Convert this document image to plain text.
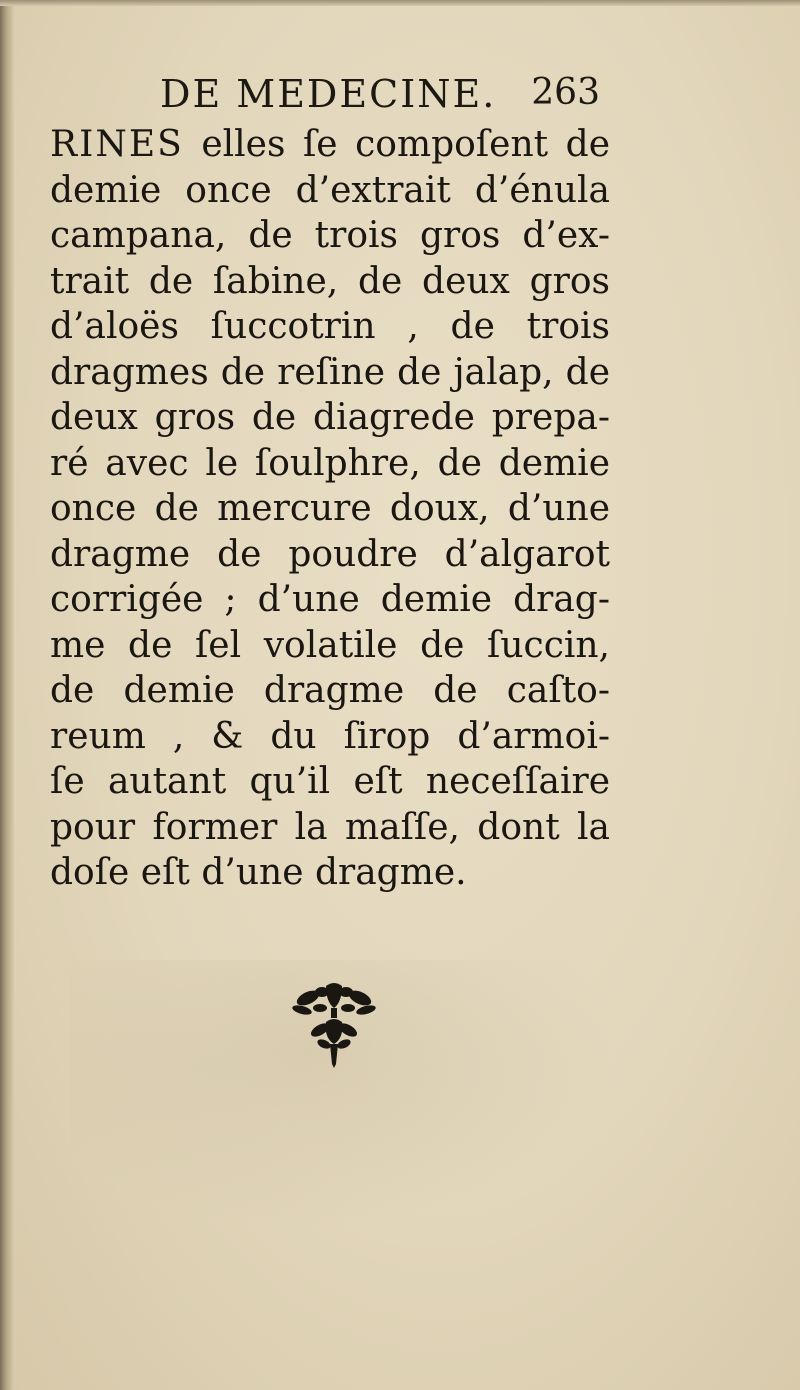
DE MEDECINE. 263
RINES elles ſe compoſent de
demie once d’extrait d’énula
campana, de trois gros d’ex-
trait de ſabine, de deux gros
d’aloës ſuccotrin , de trois
dragmes de reſine de jalap, de
deux gros de diagrede prepa-
ré avec le ſoulphre, de demie
once de mercure doux, d’une
dragme de poudre d’algarot
corrigée ; d’une demie drag-
me de ſel volatile de ſuccin,
de demie dragme de caſto-
reum , & du ſirop d’armoi-
ſe autant qu’il eſt neceſſaire
pour former la maſſe, dont la
doſe eſt d’une dragme.
